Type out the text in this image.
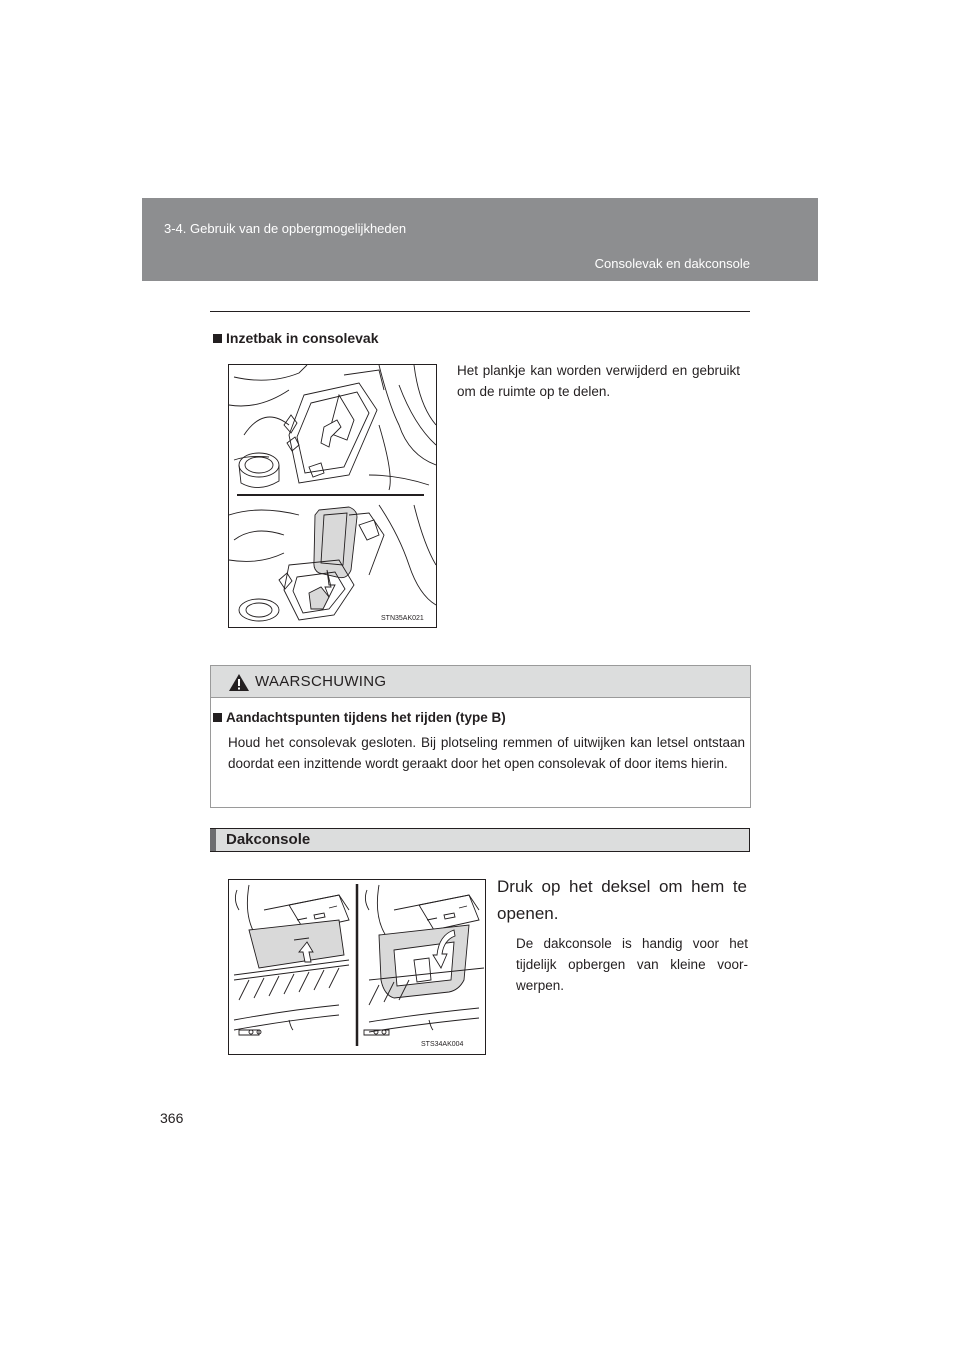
3-4. Gebruik van de opbergmogelijkheden
Consolevak en dakconsole
Inzetbak in consolevak
STN35AK021
Het plankje kan worden verwijderd en gebruikt om de ruimte op te delen.
WAARSCHUWING
Aandachtspunten tijdens het rijden (type B)
Houd het consolevak gesloten. Bij plotseling remmen of uitwijken kan letsel ontstaan doordat een inzittende wordt geraakt door het open consolevak of door items hierin.
Dakconsole
STS34AK004
Druk op het deksel om hem te openen.
De dakconsole is handig voor het tijdelijk opbergen van kleine voor-werpen.
366
